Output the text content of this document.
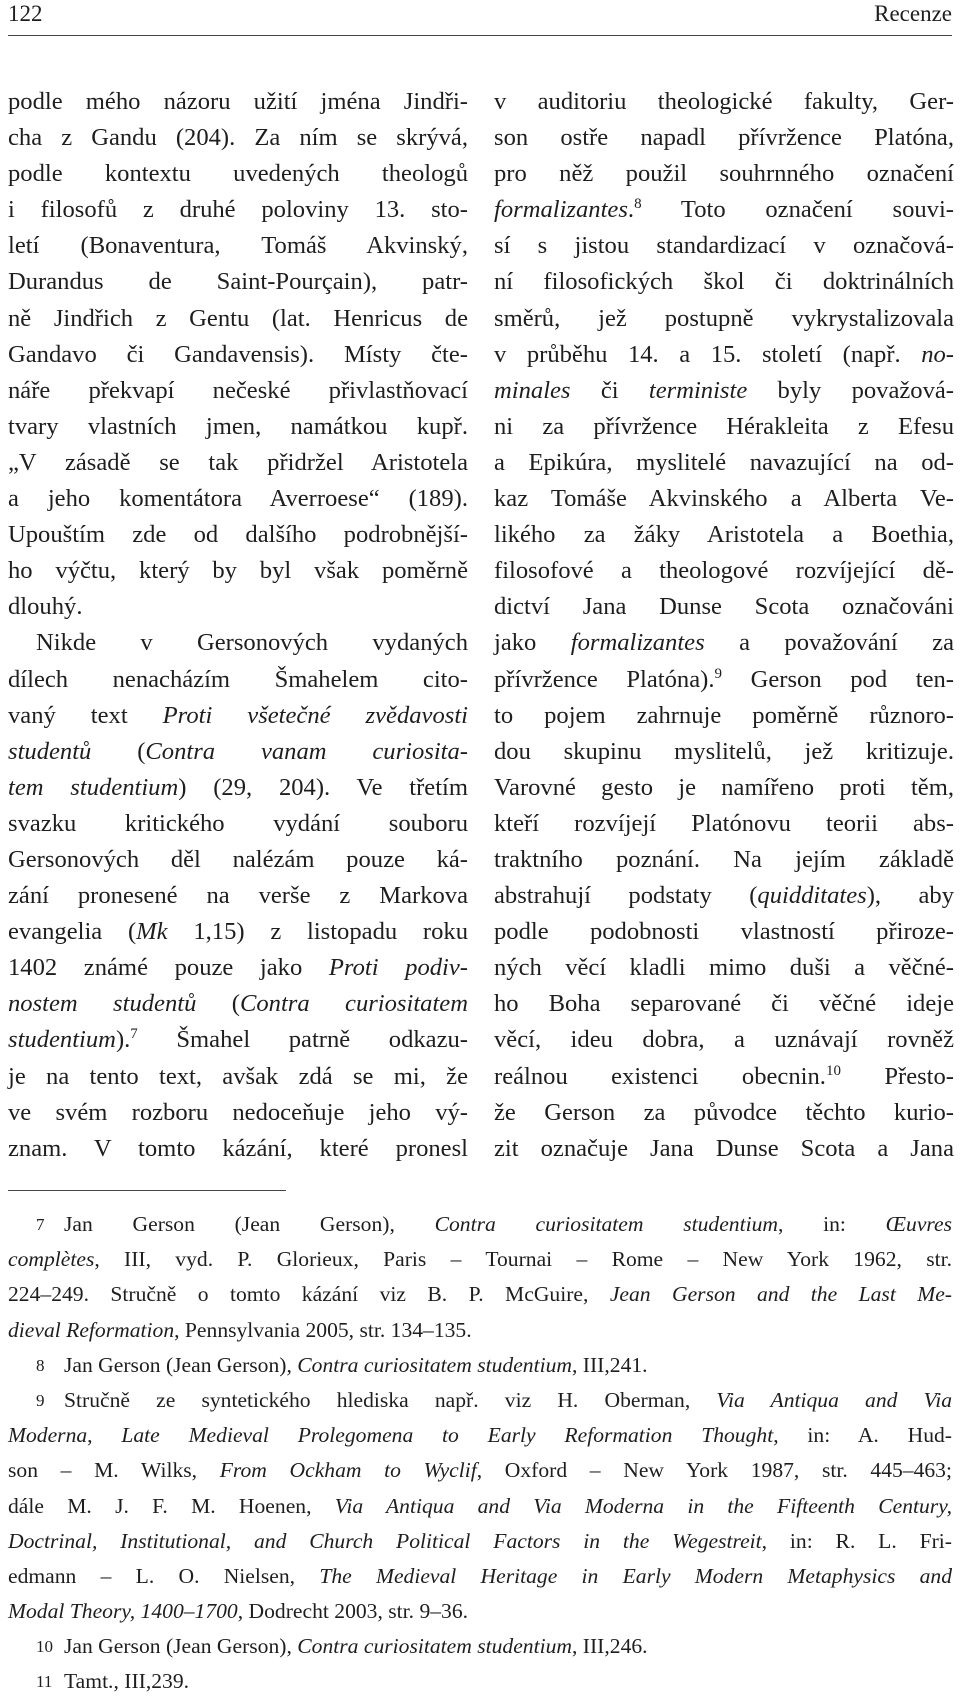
122	Recenze
podle mého názoru užití jména Jindři-
cha z Gandu (204). Za ním se skrývá,
podle kontextu uvedených theologů
i filosofů z druhé poloviny 13. sto-
letí (Bonaventura, Tomáš Akvinský,
Durandus de Saint-Pourçain), patr-
ně Jindřich z Gentu (lat. Henricus de
Gandavo či Gandavensis). Místy čte-
náře překvapí nečeské přivlastňovací
tvary vlastních jmen, namátkou kupř.
„V zásadě se tak přidržel Aristotela
a jeho komentátora Averroese“ (189).
Upouštím zde od dalšího podrobnější-
ho výčtu, který by byl však poměrně
dlouhý.
Nikde v Gersonových vydaných
dílech nenacházím Šmahelem cito-
vaný text Proti všetečné zvědavosti
studentů (Contra vanam curiosita-
tem studentium) (29, 204). Ve třetím
svazku kritického vydání souboru
Gersonových děl nalézám pouze ká-
zání pronesené na verše z Markova
evangelia (Mk 1,15) z listopadu roku
1402 známé pouze jako Proti podiv-
nostem studentů (Contra curiositatem
studentium).$^7$ Šmahel patrně odkazu-
je na tento text, avšak zdá se mi, že
ve svém rozboru nedoceňuje jeho vý-
znam. V tomto kázání, které pronesl
v auditoriu theologické fakulty, Ger-
son ostře napadl přívržence Platóna,
pro něž použil souhrnného označení
formalizantes.$^8$ Toto označení souvi-
sí s jistou standardizací v označová-
ní filosofických škol či doktrinálních
směrů, jež postupně vykrystalizovala
v průběhu 14. a 15. století (např. no-
minales či terministe byly považová-
ni za přívržence Hérakleita z Efesu
a Epikúra, myslitelé navazující na od-
kaz Tomáše Akvinského a Alberta Ve-
likého za žáky Aristotela a Boethia,
filosofové a theologové rozvíjející dě-
dictví Jana Dunse Scota označováni
jako formalizantes a považování za
přívržence Platóna).$^9$ Gerson pod ten-
to pojem zahrnuje poměrně různoro-
dou skupinu myslitelů, jež kritizuje.
Varovné gesto je namířeno proti těm,
kteří rozvíjejí Platónovu teorii abs-
traktního poznání. Na jejím základě
abstrahují podstaty (quidditates), aby
podle podobnosti vlastností přiroze-
ných věcí kladli mimo duši a věčné-
ho Boha separované či věčné ideje
věcí, ideu dobra, a uznávají rovněž
reálnou existenci obecnin.$^{10}$ Přesto-
že Gerson za původce těchto kurio-
zit označuje Jana Dunse Scota a Jana
7 Jan Gerson (Jean Gerson), Contra curiositatem studentium, in: Œuvres
complètes, III, vyd. P. Glorieux, Paris – Tournai – Rome – New York 1962, str.
224–249. Stručně o tomto kázání viz B. P. McGuire, Jean Gerson and the Last Me-
dieval Reformation, Pennsylvania 2005, str. 134–135.
8 Jan Gerson (Jean Gerson), Contra curiositatem studentium, III,241.
9 Stručně ze syntetického hlediska např. viz H. Oberman, Via Antiqua and Via
Moderna, Late Medieval Prolegomena to Early Reformation Thought, in: A. Hud-
son – M. Wilks, From Ockham to Wyclif, Oxford – New York 1987, str. 445–463;
dále M. J. F. M. Hoenen, Via Antiqua and Via Moderna in the Fifteenth Century,
Doctrinal, Institutional, and Church Political Factors in the Wegestreit, in: R. L. Fri-
edmann – L. O. Nielsen, The Medieval Heritage in Early Modern Metaphysics and
Modal Theory, 1400–1700, Dodrecht 2003, str. 9–36.
10 Jan Gerson (Jean Gerson), Contra curiositatem studentium, III,246.
11 Tamt., III,239.
